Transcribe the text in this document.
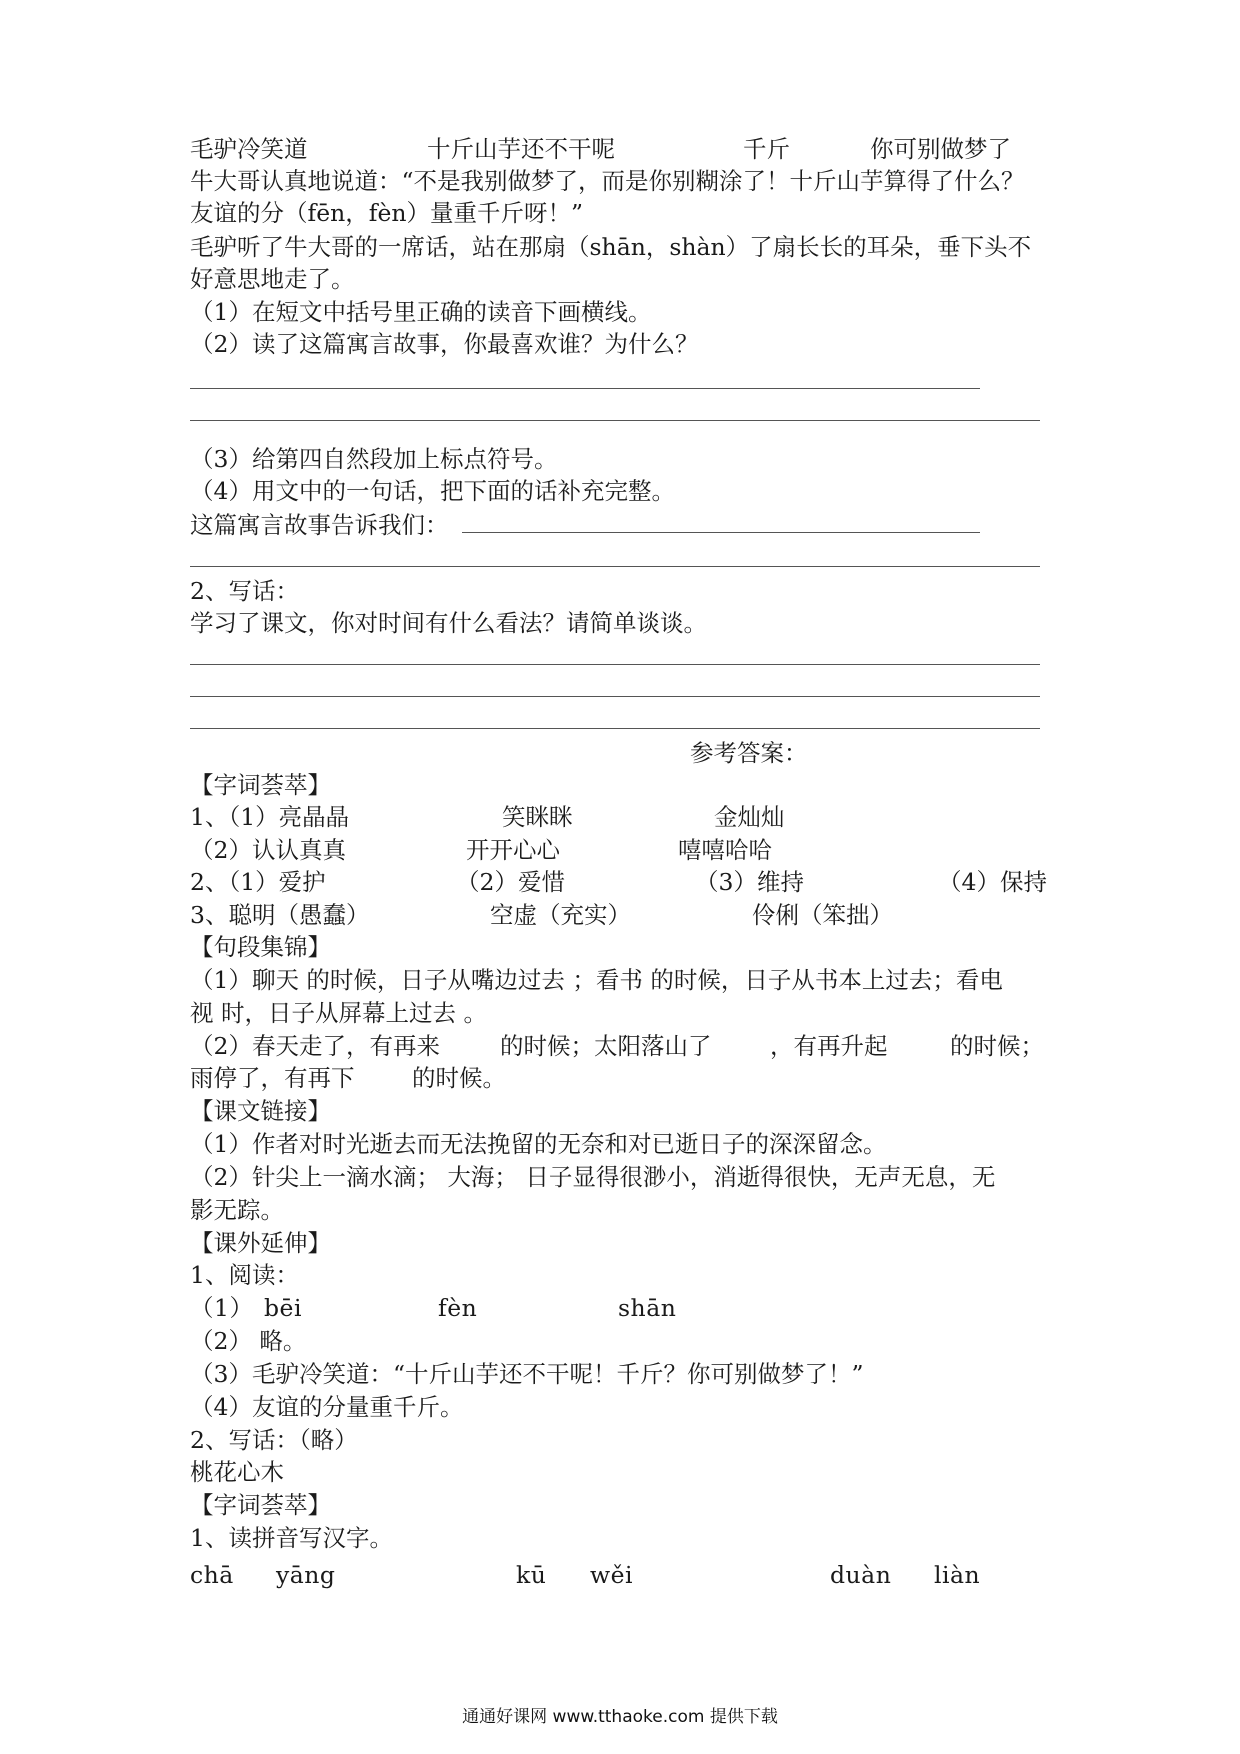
毛驴冷笑道	十斤山芋还不干呢	千斤	你可别做梦了
牛大哥认真地说道：“不是我别做梦了，而是你别糊涂了！十斤山芋算得了什么？
友谊的分（fēn，fèn）量重千斤呀！”
毛驴听了牛大哥的一席话，站在那扇（shān，shàn）了扇长长的耳朵，垂下头不
好意思地走了。
（1）在短文中括号里正确的读音下画横线。
（2）读了这篇寓言故事，你最喜欢谁？为什么？
（3）给第四自然段加上标点符号。
（4）用文中的一句话，把下面的话补充完整。
这篇寓言故事告诉我们：
2、写话：
学习了课文，你对时间有什么看法？请简单谈谈。
参考答案：
【字词荟萃】
1、（1）亮晶晶	笑眯眯	金灿灿
（2）认认真真	开开心心	嘻嘻哈哈
2、（1）爱护	（2）爱惜	（3）维持	（4）保持
3、聪明（愚蠢）	空虚（充实）	伶俐（笨拙）
【句段集锦】
（1）聊天 的时候，日子从嘴边过去 ；看书 的时候，日子从书本上过去；看电
视 时，日子从屏幕上过去 。
（2）春天走了，有再来	的时候；太阳落山了 ，有再升起	的时候；
雨停了，有再下 的时候。
【课文链接】
（1）作者对时光逝去而无法挽留的无奈和对已逝日子的深深留念。
（2）针尖上一滴水滴； 大海； 日子显得很渺小，消逝得很快，无声无息，无
影无踪。
【课外延伸】
1、阅读：
（1） bēi	fèn	shān
（2） 略。
（3）毛驴冷笑道：“十斤山芋还不干呢！千斤？你可别做梦了！”
（4）友谊的分量重千斤。
2、写话：（略）
桃花心木
【字词荟萃】
1、读拼音写汉字。
chā yāng	kū wěi	duàn liàn
通通好课网 www.tthaoke.com 提供下载
